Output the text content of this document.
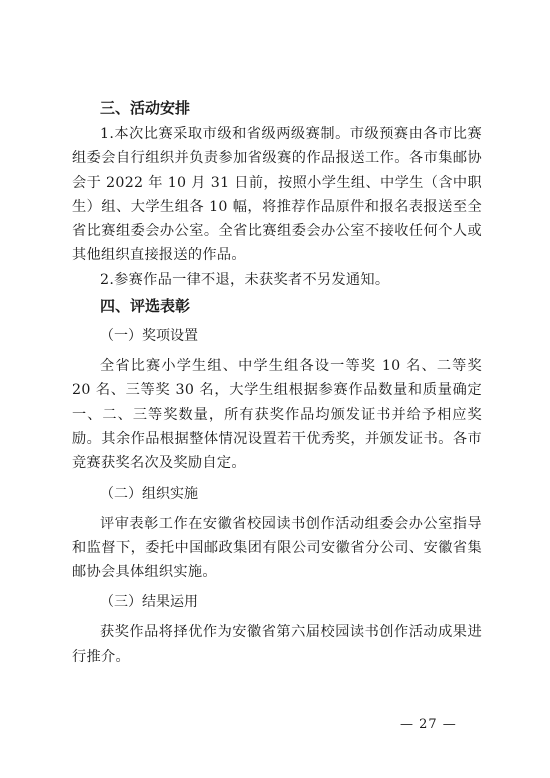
三、活动安排

1.本次比赛采取市级和省级两级赛制。市级预赛由各市比赛组委会自行组织并负责参加省级赛的作品报送工作。各市集邮协会于 2022 年 10 月 31 日前，按照小学生组、中学生（含中职生）组、大学生组各 10 幅，将推荐作品原件和报名表报送至全省比赛组委会办公室。全省比赛组委会办公室不接收任何个人或其他组织直接报送的作品。

2.参赛作品一律不退，未获奖者不另发通知。

四、评选表彰
（一）奖项设置

全省比赛小学生组、中学生组各设一等奖 10 名、二等奖 20 名、三等奖 30 名，大学生组根据参赛作品数量和质量确定一、二、三等奖数量，所有获奖作品均颁发证书并给予相应奖励。其余作品根据整体情况设置若干优秀奖，并颁发证书。各市竞赛获奖名次及奖励自定。

（二）组织实施

评审表彰工作在安徽省校园读书创作活动组委会办公室指导和监督下，委托中国邮政集团有限公司安徽省分公司、安徽省集邮协会具体组织实施。

（三）结果运用

获奖作品将择优作为安徽省第六届校园读书创作活动成果进行推介。

— 27 —
